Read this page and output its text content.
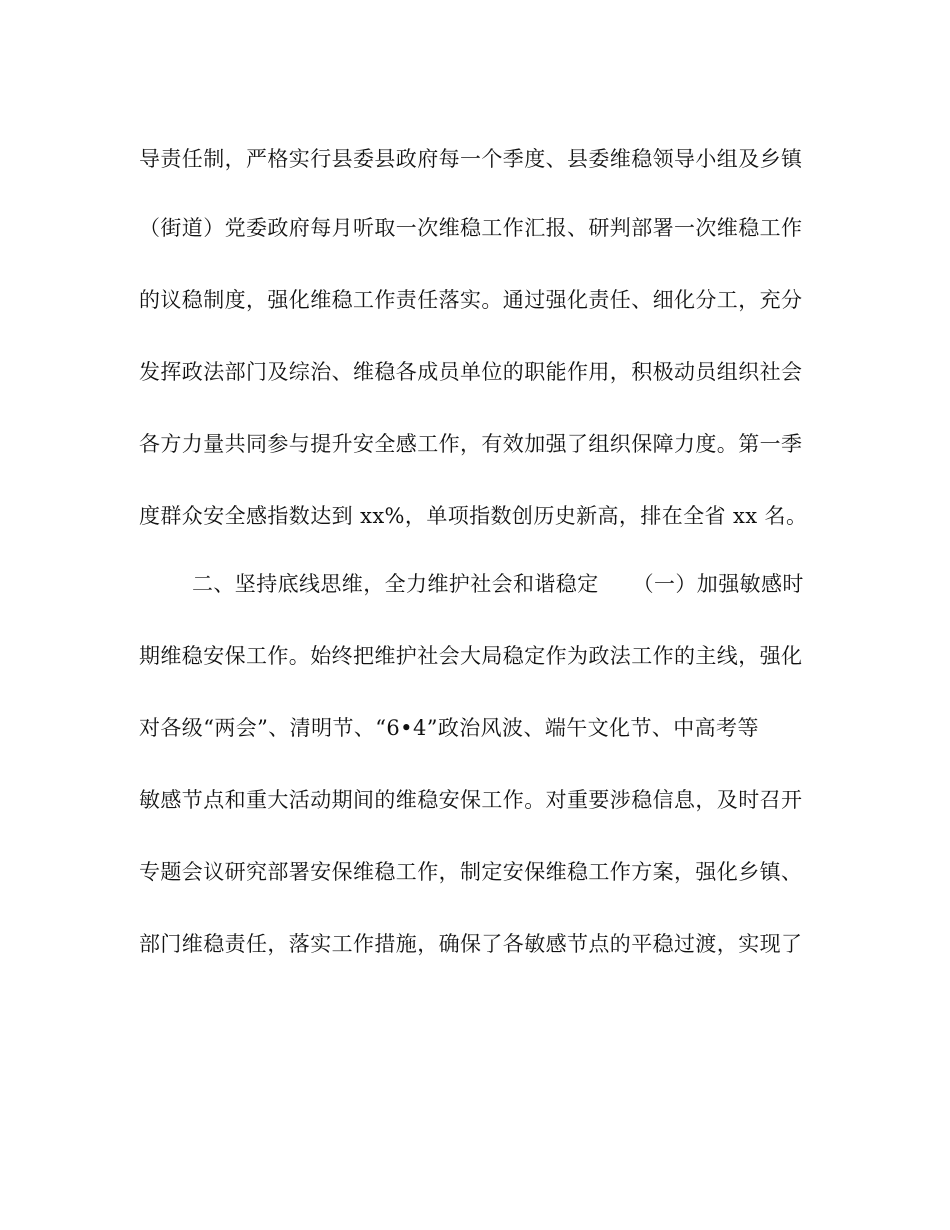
导责任制，严格实行县委县政府每一个季度、县委维稳领导小组及乡镇
（街道）党委政府每月听取一次维稳工作汇报、研判部署一次维稳工作
的议稳制度，强化维稳工作责任落实。通过强化责任、细化分工，充分
发挥政法部门及综治、维稳各成员单位的职能作用，积极动员组织社会
各方力量共同参与提升安全感工作，有效加强了组织保障力度。第一季
度群众安全感指数达到 xx%，单项指数创历史新高，排在全省 xx 名。
二、坚持底线思维，全力维护社会和谐稳定 （一）加强敏感时
期维稳安保工作。始终把维护社会大局稳定作为政法工作的主线，强化
对各级“两会”、清明节、“6•4”政治风波、端午文化节、中高考等
敏感节点和重大活动期间的维稳安保工作。对重要涉稳信息，及时召开
专题会议研究部署安保维稳工作，制定安保维稳工作方案，强化乡镇、
部门维稳责任，落实工作措施，确保了各敏感节点的平稳过渡，实现了
